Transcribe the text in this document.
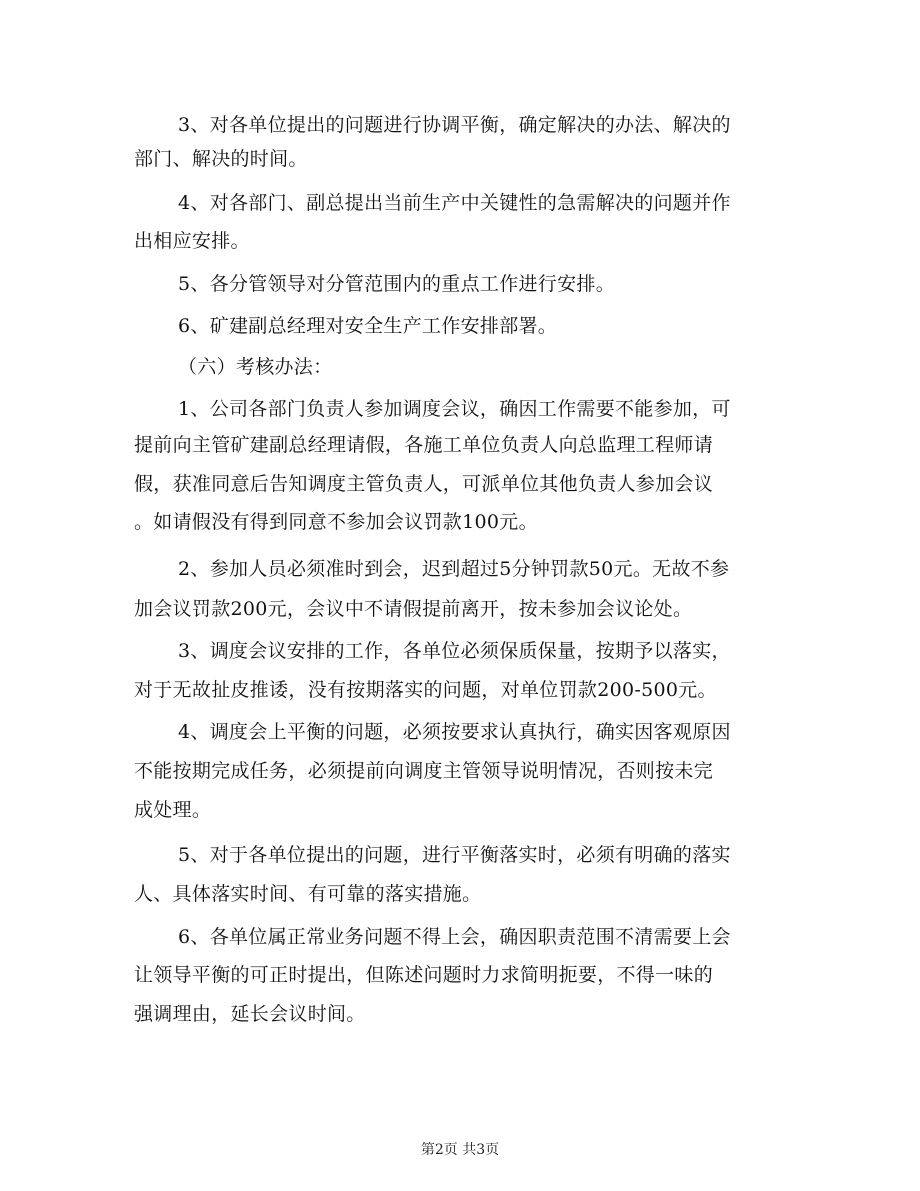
3、对各单位提出的问题进行协调平衡，确定解决的办法、解决的
部门、解决的时间。
4、对各部门、副总提出当前生产中关键性的急需解决的问题并作
出相应安排。
5、各分管领导对分管范围内的重点工作进行安排。
6、矿建副总经理对安全生产工作安排部署。
（六）考核办法：
1、公司各部门负责人参加调度会议，确因工作需要不能参加，可
提前向主管矿建副总经理请假，各施工单位负责人向总监理工程师请
假，获准同意后告知调度主管负责人，可派单位其他负责人参加会议
。如请假没有得到同意不参加会议罚款100元。
2、参加人员必须准时到会，迟到超过5分钟罚款50元。无故不参
加会议罚款200元，会议中不请假提前离开，按未参加会议论处。
3、调度会议安排的工作，各单位必须保质保量，按期予以落实，
对于无故扯皮推诿，没有按期落实的问题，对单位罚款200-500元。
4、调度会上平衡的问题，必须按要求认真执行，确实因客观原因
不能按期完成任务，必须提前向调度主管领导说明情况，否则按未完
成处理。
5、对于各单位提出的问题，进行平衡落实时，必须有明确的落实
人、具体落实时间、有可靠的落实措施。
6、各单位属正常业务问题不得上会，确因职责范围不清需要上会
让领导平衡的可正时提出，但陈述问题时力求简明扼要，不得一味的
强调理由，延长会议时间。
第2页 共3页
